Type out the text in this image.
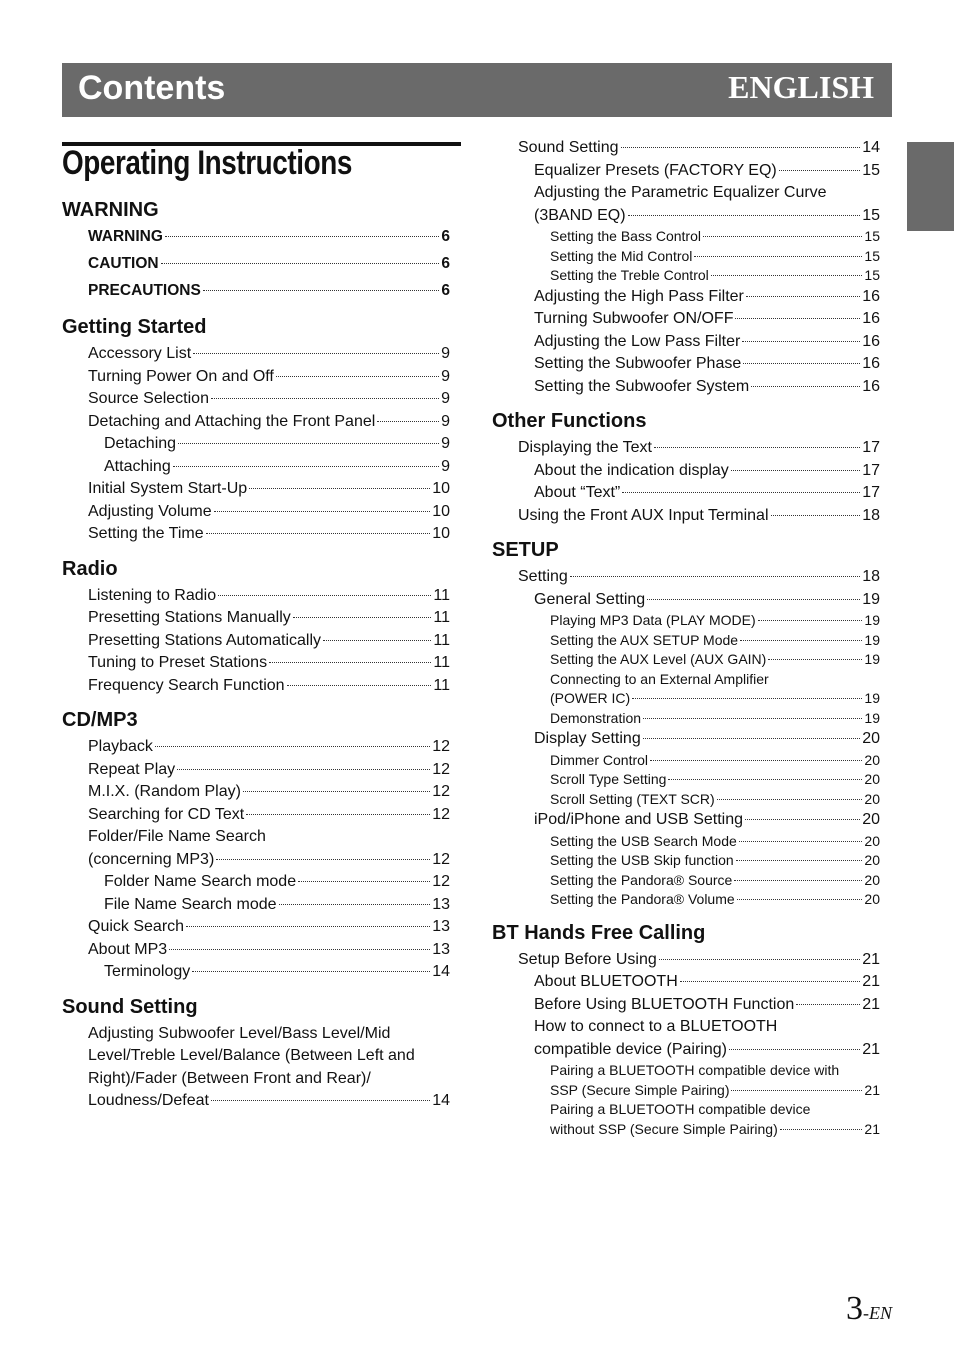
Contents	ENGLISH
Operating Instructions
WARNING
WARNING	6
CAUTION	6
PRECAUTIONS	6
Getting Started
Accessory List	9
Turning Power On and Off	9
Source Selection	9
Detaching and Attaching the Front Panel	9
Detaching	9
Attaching	9
Initial System Start-Up	10
Adjusting Volume	10
Setting the Time	10
Radio
Listening to Radio	11
Presetting Stations Manually	11
Presetting Stations Automatically	11
Tuning to Preset Stations	11
Frequency Search Function	11
CD/MP3
Playback	12
Repeat Play	12
M.I.X. (Random Play)	12
Searching for CD Text	12
Folder/File Name Search
(concerning MP3)	12
Folder Name Search mode	12
File Name Search mode	13
Quick Search	13
About MP3	13
Terminology	14
Sound Setting
Adjusting Subwoofer Level/Bass Level/Mid
Level/Treble Level/Balance (Between Left and
Right)/Fader (Between Front and Rear)/
Loudness/Defeat	14
Sound Setting	14
Equalizer Presets (FACTORY EQ)	15
Adjusting the Parametric Equalizer Curve
(3BAND EQ)	15
Setting the Bass Control	15
Setting the Mid Control	15
Setting the Treble Control	15
Adjusting the High Pass Filter	16
Turning Subwoofer ON/OFF	16
Adjusting the Low Pass Filter	16
Setting the Subwoofer Phase	16
Setting the Subwoofer System	16
Other Functions
Displaying the Text	17
About the indication display	17
About “Text”	17
Using the Front AUX Input Terminal	18
SETUP
Setting	18
General Setting	19
Playing MP3 Data (PLAY MODE)	19
Setting the AUX SETUP Mode	19
Setting the AUX Level (AUX GAIN)	19
Connecting to an External Amplifier
(POWER IC)	19
Demonstration	19
Display Setting	20
Dimmer Control	20
Scroll Type Setting	20
Scroll Setting (TEXT SCR)	20
iPod/iPhone and USB Setting	20
Setting the USB Search Mode	20
Setting the USB Skip function	20
Setting the Pandora® Source	20
Setting the Pandora® Volume	20
BT Hands Free Calling
Setup Before Using	21
About BLUETOOTH	21
Before Using BLUETOOTH Function	21
How to connect to a BLUETOOTH
compatible device (Pairing)	21
Pairing a BLUETOOTH compatible device with
SSP (Secure Simple Pairing)	21
Pairing a BLUETOOTH compatible device
without SSP (Secure Simple Pairing)	21
3-EN
